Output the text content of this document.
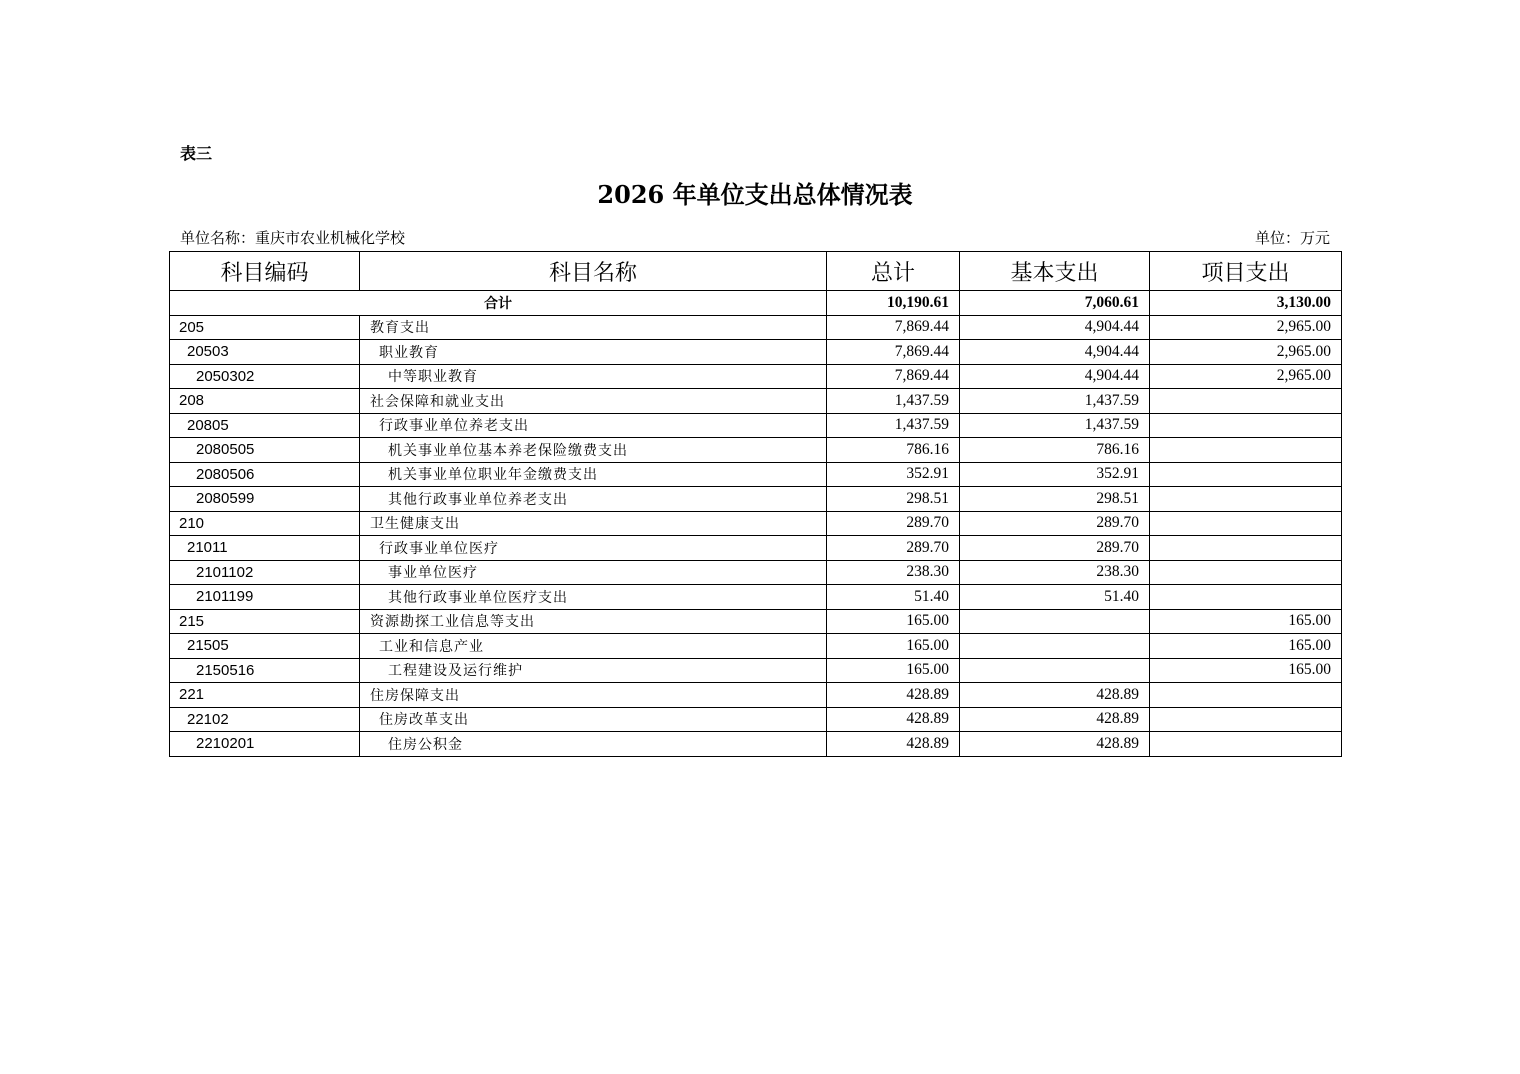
表三
2026 年单位支出总体情况表
单位名称：重庆市农业机械化学校	单位：万元
科目编码	科目名称	总计	基本支出	项目支出
合计		10,190.61	7,060.61	3,130.00
205	教育支出	7,869.44	4,904.44	2,965.00
20503	职业教育	7,869.44	4,904.44	2,965.00
2050302	中等职业教育	7,869.44	4,904.44	2,965.00
208	社会保障和就业支出	1,437.59	1,437.59	
20805	行政事业单位养老支出	1,437.59	1,437.59	
2080505	机关事业单位基本养老保险缴费支出	786.16	786.16	
2080506	机关事业单位职业年金缴费支出	352.91	352.91	
2080599	其他行政事业单位养老支出	298.51	298.51	
210	卫生健康支出	289.70	289.70	
21011	行政事业单位医疗	289.70	289.70	
2101102	事业单位医疗	238.30	238.30	
2101199	其他行政事业单位医疗支出	51.40	51.40	
215	资源勘探工业信息等支出	165.00		165.00
21505	工业和信息产业	165.00		165.00
2150516	工程建设及运行维护	165.00		165.00
221	住房保障支出	428.89	428.89	
22102	住房改革支出	428.89	428.89	
2210201	住房公积金	428.89	428.89	
